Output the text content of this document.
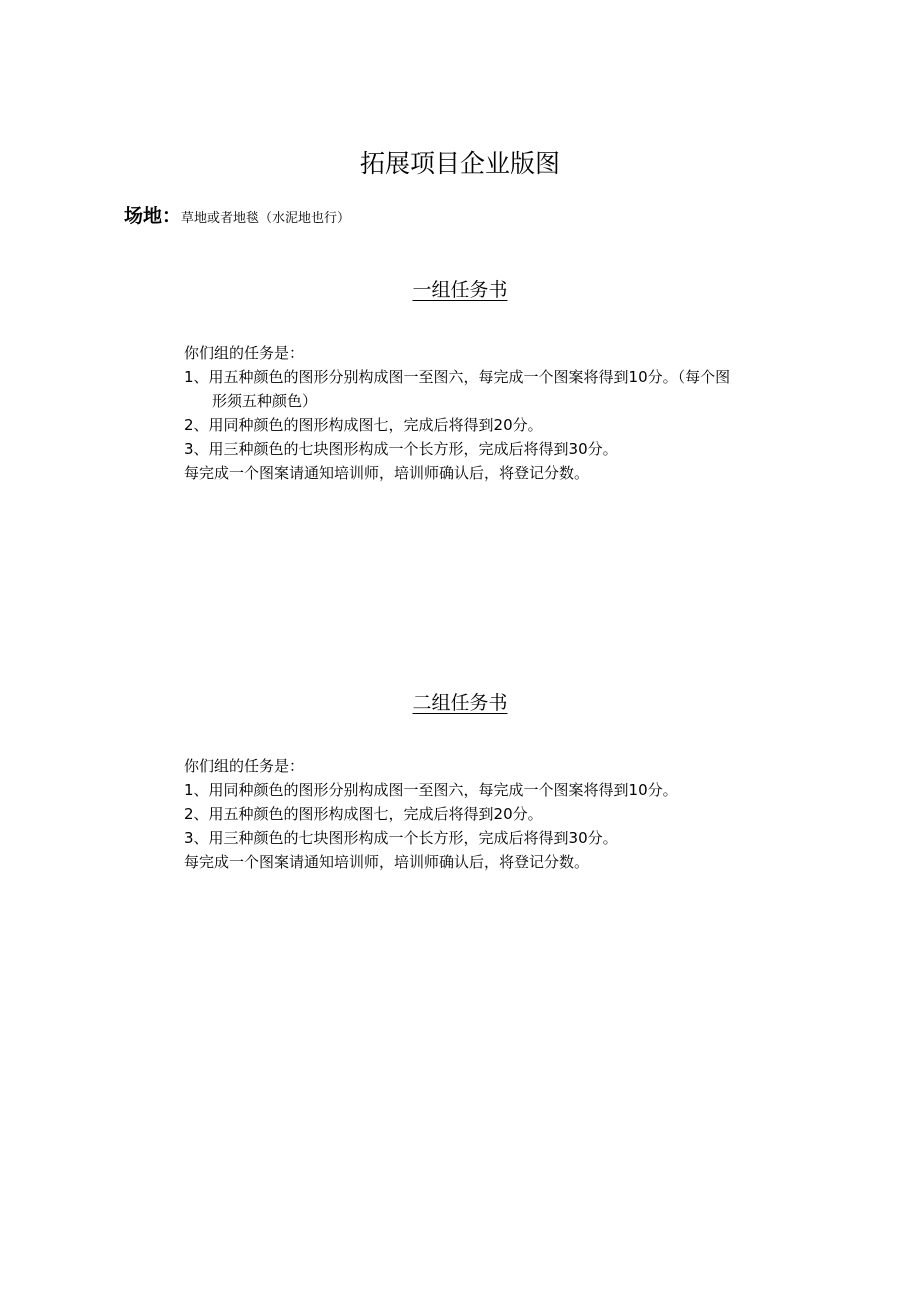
拓展项目企业版图
场地：草地或者地毯（水泥地也行）
一组任务书

你们组的任务是：

1、用五种颜色的图形分别构成图一至图六，每完成一个图案将得到10分。（每个图形须五种颜色）

2、用同种颜色的图形构成图七，完成后将得到20分。

3、用三种颜色的七块图形构成一个长方形，完成后将得到30分。

每完成一个图案请通知培训师，培训师确认后，将登记分数。

二组任务书

你们组的任务是：

1、用同种颜色的图形分别构成图一至图六，每完成一个图案将得到10分。

2、用五种颜色的图形构成图七，完成后将得到20分。

3、用三种颜色的七块图形构成一个长方形，完成后将得到30分。

每完成一个图案请通知培训师，培训师确认后，将登记分数。
